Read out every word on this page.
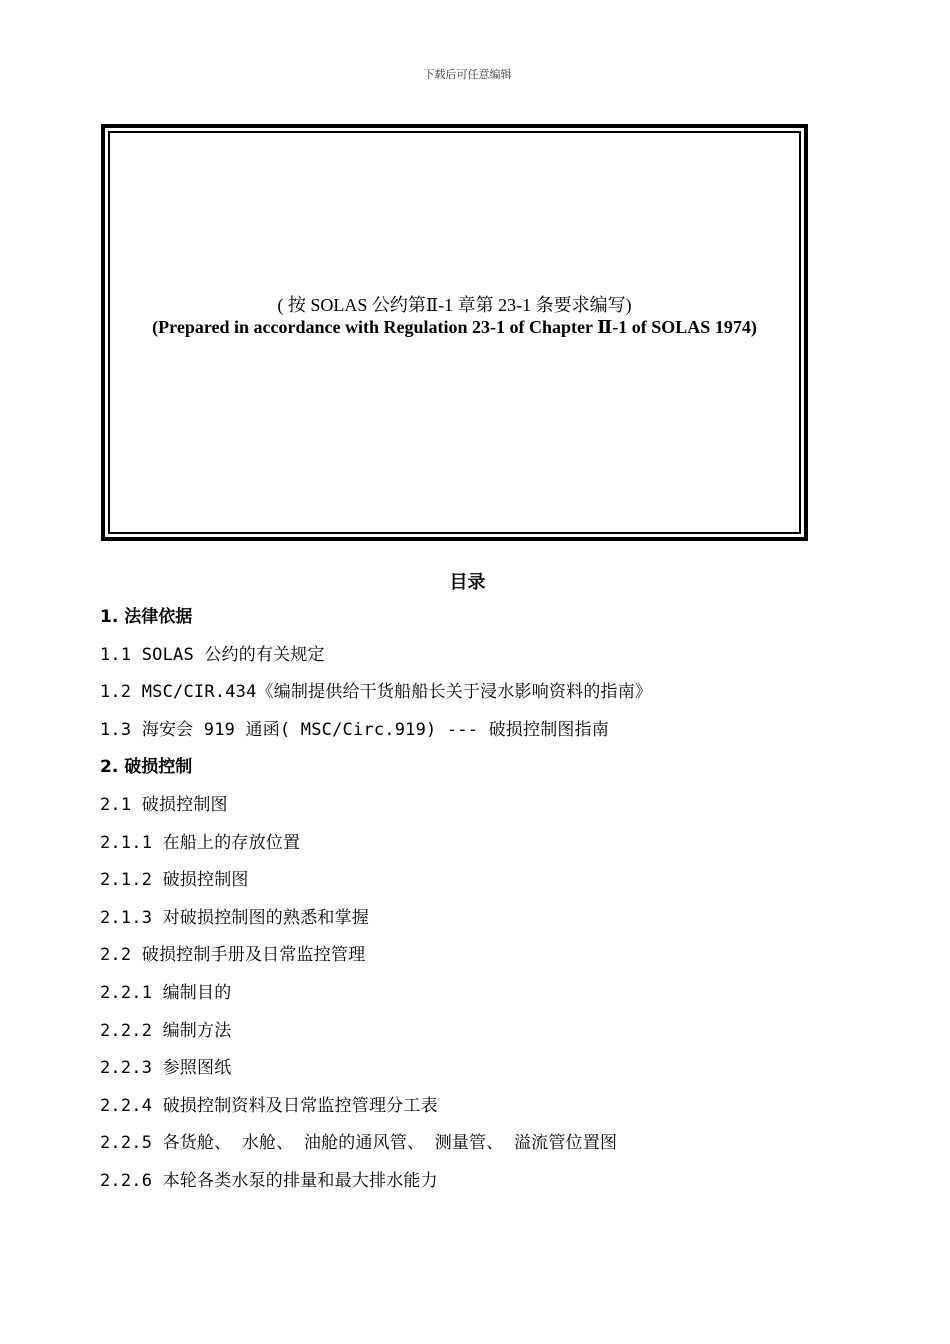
下载后可任意编辑
( 按 SOLAS 公约第Ⅱ-1 章第 23-1 条要求编写)
(Prepared in accordance with Regulation 23-1 of Chapter Ⅱ-1 of SOLAS 1974)
目录
1. 法律依据
1.1 SOLAS 公约的有关规定
1.2 MSC/CIR.434《编制提供给干货船船长关于浸水影响资料的指南》
1.3 海安会 919 通函( MSC/Circ.919) --- 破损控制图指南
2. 破损控制
2.1 破损控制图
2.1.1 在船上的存放位置
2.1.2 破损控制图
2.1.3 对破损控制图的熟悉和掌握
2.2 破损控制手册及日常监控管理
2.2.1 编制目的
2.2.2 编制方法
2.2.3 参照图纸
2.2.4 破损控制资料及日常监控管理分工表
2.2.5 各货舱、 水舱、 油舱的通风管、 测量管、 溢流管位置图
2.2.6 本轮各类水泵的排量和最大排水能力
